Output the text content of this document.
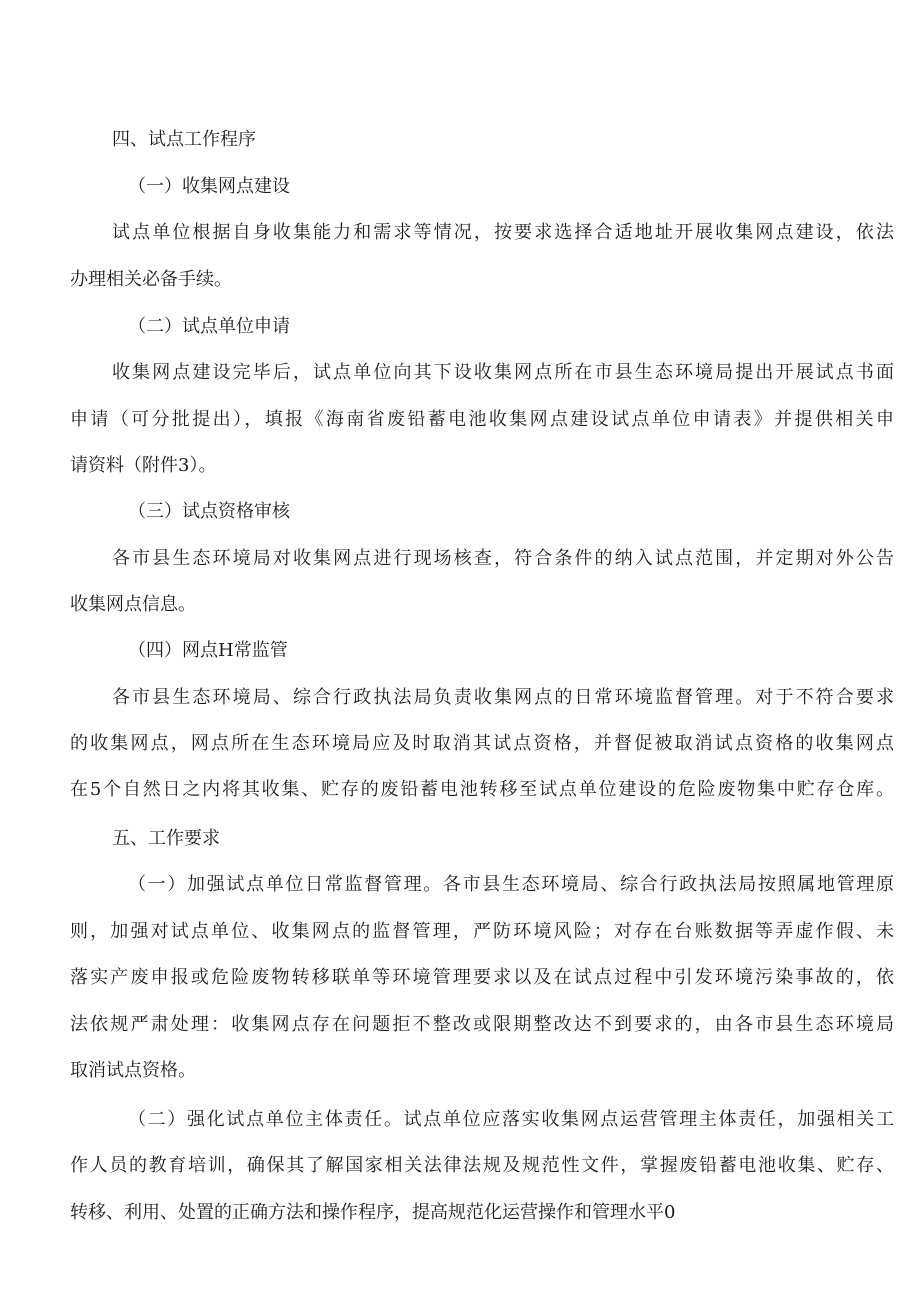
四、试点工作程序
（一）收集网点建设
试点单位根据自身收集能力和需求等情况，按要求选择合适地址开展收集网点建设，依法
办理相关必备手续。
（二）试点单位申请
收集网点建设完毕后，试点单位向其下设收集网点所在市县生态环境局提出开展试点书面
申请（可分批提出），填报《海南省废铅蓄电池收集网点建设试点单位申请表》并提供相关申
请资料（附件3）。
（三）试点资格审核
各市县生态环境局对收集网点进行现场核查，符合条件的纳入试点范围，并定期对外公告
收集网点信息。
（四）网点H常监管
各市县生态环境局、综合行政执法局负责收集网点的日常环境监督管理。对于不符合要求
的收集网点，网点所在生态环境局应及时取消其试点资格，并督促被取消试点资格的收集网点
在5个自然日之内将其收集、贮存的废铅蓄电池转移至试点单位建设的危险废物集中贮存仓库。
五、工作要求
（一）加强试点单位日常监督管理。各市县生态环境局、综合行政执法局按照属地管理原
则，加强对试点单位、收集网点的监督管理，严防环境风险；对存在台账数据等弄虚作假、未
落实产废申报或危险废物转移联单等环境管理要求以及在试点过程中引发环境污染事故的，依
法依规严肃处理：收集网点存在问题拒不整改或限期整改达不到要求的，由各市县生态环境局
取消试点资格。
（二）强化试点单位主体责任。试点单位应落实收集网点运营管理主体责任，加强相关工
作人员的教育培训，确保其了解国家相关法律法规及规范性文件，掌握废铅蓄电池收集、贮存、
转移、利用、处置的正确方法和操作程序，提高规范化运营操作和管理水平0
